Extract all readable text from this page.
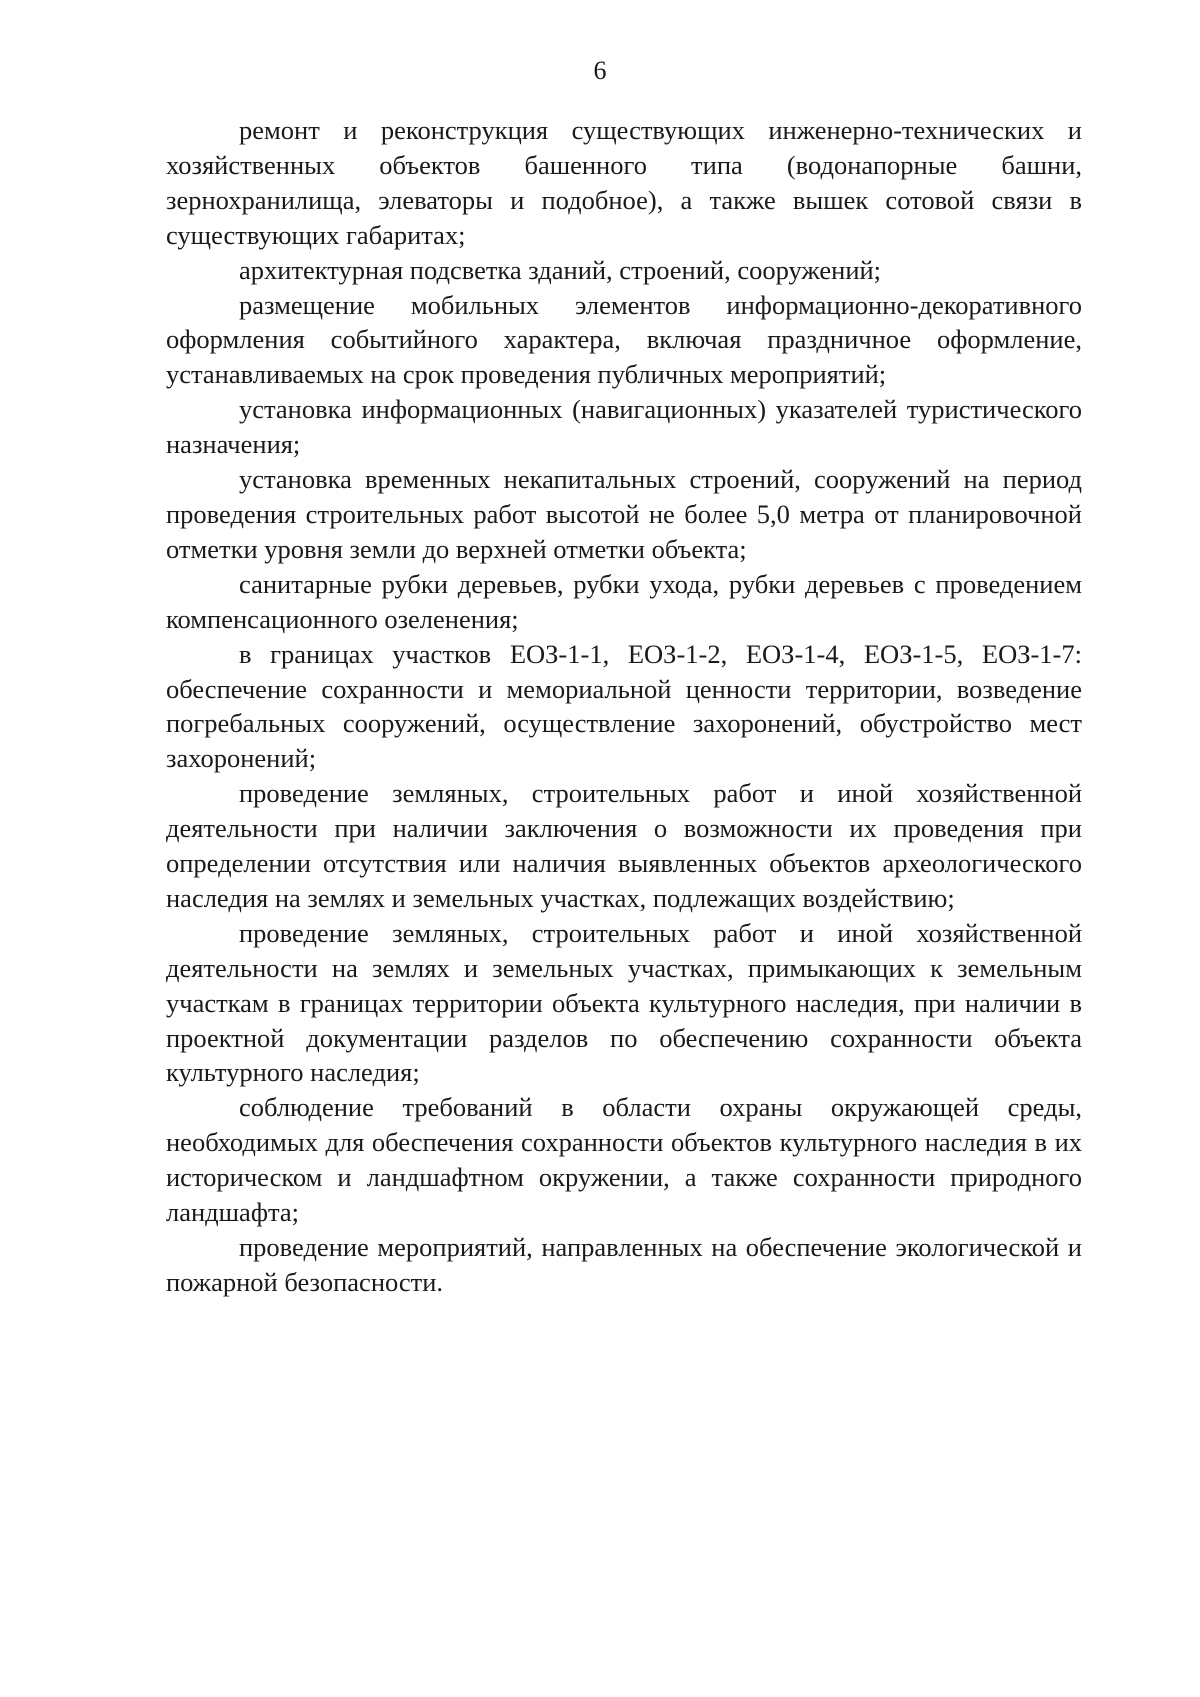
6

ремонт и реконструкция существующих инженерно-технических и хозяйственных объектов башенного типа (водонапорные башни, зернохранилища, элеваторы и подобное), а также вышек сотовой связи в существующих габаритах;

архитектурная подсветка зданий, строений, сооружений;

размещение мобильных элементов информационно-декоративного оформления событийного характера, включая праздничное оформление, устанавливаемых на срок проведения публичных мероприятий;

установка информационных (навигационных) указателей туристического назначения;

установка временных некапитальных строений, сооружений на период проведения строительных работ высотой не более 5,0 метра от планировочной отметки уровня земли до верхней отметки объекта;

санитарные рубки деревьев, рубки ухода, рубки деревьев с проведением компенсационного озеленения;

в границах участков ЕОЗ-1-1, ЕОЗ-1-2, ЕОЗ-1-4, ЕОЗ-1-5, ЕОЗ-1-7: обеспечение сохранности и мемориальной ценности территории, возведение погребальных сооружений, осуществление захоронений, обустройство мест захоронений;

проведение земляных, строительных работ и иной хозяйственной деятельности при наличии заключения о возможности их проведения при определении отсутствия или наличия выявленных объектов археологического наследия на землях и земельных участках, подлежащих воздействию;

проведение земляных, строительных работ и иной хозяйственной деятельности на землях и земельных участках, примыкающих к земельным участкам в границах территории объекта культурного наследия, при наличии в проектной документации разделов по обеспечению сохранности объекта культурного наследия;

соблюдение требований в области охраны окружающей среды, необходимых для обеспечения сохранности объектов культурного наследия в их историческом и ландшафтном окружении, а также сохранности природного ландшафта;

проведение мероприятий, направленных на обеспечение экологической и пожарной безопасности.
